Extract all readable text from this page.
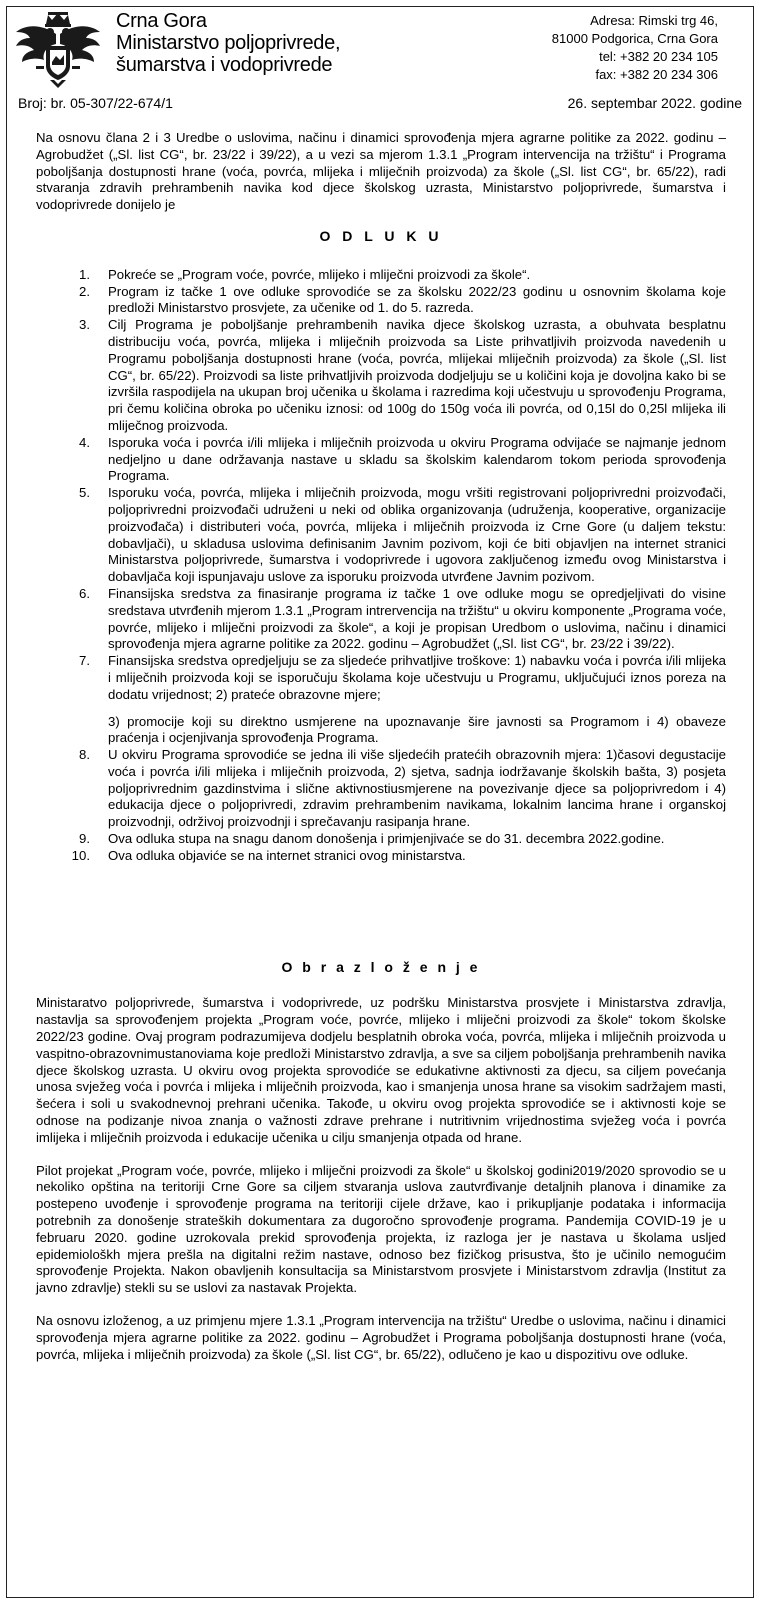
Crna Gora
Ministarstvo poljoprivrede,
šumarstva i vodoprivrede
Adresa: Rimski trg 46,
81000 Podgorica, Crna Gora
tel: +382 20 234 105
fax: +382 20 234 306
Broj: br. 05-307/22-674/1	26. septembar 2022. godine

Na osnovu člana 2 i 3 Uredbe o uslovima, načinu i dinamici sprovođenja mjera agrarne politike za 2022. godinu – Agrobudžet („Sl. list CG“, br. 23/22 i 39/22), a u vezi sa mjerom 1.3.1 „Program intervencija na tržištu“ i Programa poboljšanja dostupnosti hrane (voća, povrća, mlijeka i mliječnih proizvoda) za škole („Sl. list CG“, br. 65/22), radi stvaranja zdravih prehrambenih navika kod djece školskog uzrasta, Ministarstvo poljoprivrede, šumarstva i vodoprivrede donijelo je

O D L U K U

1. Pokreće se „Program voće, povrće, mlijeko i mliječni proizvodi za škole“.
2. Program iz tačke 1 ove odluke sprovodiće se za školsku 2022/23 godinu u osnovnim školama koje predloži Ministarstvo prosvjete, za učenike od 1. do 5. razreda.
3. Cilj Programa je poboljšanje prehrambenih navika djece školskog uzrasta, a obuhvata besplatnu distribuciju voća, povrća, mlijeka i mliječnih proizvoda sa Liste prihvatljivih proizvoda navedenih u Programu poboljšanja dostupnosti hrane (voća, povrća, mlijekai mliječnih proizvoda) za škole („Sl. list CG“, br. 65/22). Proizvodi sa liste prihvatljivih proizvoda dodjeljuju se u količini koja je dovoljna kako bi se izvršila raspodijela na ukupan broj učenika u školama i razredima koji učestvuju u sprovođenju Programa, pri čemu količina obroka po učeniku iznosi: od 100g do 150g voća ili povrća, od 0,15l do 0,25l mlijeka ili mliječnog proizvoda.
4. Isporuka voća i povrća i/ili mlijeka i mliječnih proizvoda u okviru Programa odvijaće se najmanje jednom nedjeljno u dane održavanja nastave u skladu sa školskim kalendarom tokom perioda sprovođenja Programa.
5. Isporuku voća, povrća, mlijeka i mliječnih proizvoda, mogu vršiti registrovani poljoprivredni proizvođači, poljoprivredni proizvođači udruženi u neki od oblika organizovanja (udruženja, kooperative, organizacije proizvođača) i distributeri voća, povrća, mlijeka i mliječnih proizvoda iz Crne Gore (u daljem tekstu: dobavljači), u skladusa uslovima definisanim Javnim pozivom, koji će biti objavljen na internet stranici Ministarstva poljoprivrede, šumarstva i vodoprivrede i ugovora zaključenog između ovog Ministarstva i dobavljača koji ispunjavaju uslove za isporuku proizvoda utvrđene Javnim pozivom.
6. Finansijska sredstva za finasiranje programa iz tačke 1 ove odluke mogu se opredjeljivati do visine sredstava utvrđenih mjerom 1.3.1 „Program intrervencija na tržištu“ u okviru komponente „Programa voće, povrće, mlijeko i mliječni proizvodi za škole“, a koji je propisan Uredbom o uslovima, načinu i dinamici sprovođenja mjera agrarne politike za 2022. godinu – Agrobudžet („Sl. list CG“, br. 23/22 i 39/22).
7. Finansijska sredstva opredjeljuju se za sljedeće prihvatljive troškove: 1) nabavku voća i povrća i/ili mlijeka i mliječnih proizvoda koji se isporučuju školama koje učestvuju u Programu, uključujući iznos poreza na dodatu vrijednost; 2) prateće obrazovne mjere;

3) promocije koji su direktno usmjerene na upoznavanje šire javnosti sa Programom i 4) obaveze praćenja i ocjenjivanja sprovođenja Programa.

8. U okviru Programa sprovodiće se jedna ili više sljedećih pratećih obrazovnih mjera: 1)časovi degustacije voća i povrća i/ili mlijeka i mliječnih proizvoda, 2) sjetva, sadnja iodržavanje školskih bašta, 3) posjeta poljoprivrednim gazdinstvima i slične aktivnostiusmjerene na povezivanje djece sa poljoprivredom i 4) edukacija djece o poljoprivredi, zdravim prehrambenim navikama, lokalnim lancima hrane i organskoj proizvodnji, održivoj proizvodnji i sprečavanju rasipanja hrane.
9. Ova odluka stupa na snagu danom donošenja i primjenjivaće se do 31. decembra 2022.godine.
10. Ova odluka objaviće se na internet stranici ovog ministarstva.

O b r a z l o ž e n j e

Ministaratvo poljoprivrede, šumarstva i vodoprivrede, uz podršku Ministarstva prosvjete i Ministarstva zdravlja, nastavlja sa sprovođenjem projekta „Program voće, povrće, mlijeko i mliječni proizvodi za škole“ tokom školske 2022/23 godine. Ovaj program podrazumijeva dodjelu besplatnih obroka voća, povrća, mlijeka i mliječnih proizvoda u vaspitno-obrazovnimustanoviama koje predloži Ministarstvo zdravlja, a sve sa ciljem poboljšanja prehrambenih navika djece školskog uzrasta. U okviru ovog projekta sprovodiće se edukativne aktivnosti za djecu, sa ciljem povećanja unosa svježeg voća i povrća i mlijeka i mliječnih proizvoda, kao i smanjenja unosa hrane sa visokim sadržajem masti, šećera i soli u svakodnevnoj prehrani učenika. Takođe, u okviru ovog projekta sprovodiće se i aktivnosti koje se odnose na podizanje nivoa znanja o važnosti zdrave prehrane i nutritivnim vrijednostima svježeg voća i povrća imlijeka i mliječnih proizvoda i edukacije učenika u cilju smanjenja otpada od hrane.

Pilot projekat „Program voće, povrće, mlijeko i mliječni proizvodi za škole“ u školskoj godini2019/2020 sprovodio se u nekoliko opština na teritoriji Crne Gore sa ciljem stvaranja uslova zautvrđivanje detaljnih planova i dinamike za postepeno uvođenje i sprovođenje programa na teritoriji cijele države, kao i prikupljanje podataka i informacija potrebnih za donošenje strateških dokumentara za dugoročno sprovođenje programa. Pandemija COVID-19 je u februaru 2020. godine uzrokovala prekid sprovođenja projekta, iz razloga jer je nastava u školama usljed epidemiološkh mjera prešla na digitalni režim nastave, odnoso bez fizičkog prisustva, što je učinilo nemogućim sprovođenje Projekta. Nakon obavljenih konsultacija sa Ministarstvom prosvjete i Ministarstvom zdravlja (Institut za javno zdravlje) stekli su se uslovi za nastavak Projekta.

Na osnovu izloženog, a uz primjenu mjere 1.3.1 „Program intervencija na tržištu“ Uredbe o uslovima, načinu i dinamici sprovođenja mjera agrarne politike za 2022. godinu – Agrobudžet i Programa poboljšanja dostupnosti hrane (voća, povrća, mlijeka i mliječnih proizvoda) za škole („Sl. list CG“, br. 65/22), odlučeno je kao u dispozitivu ove odluke.
